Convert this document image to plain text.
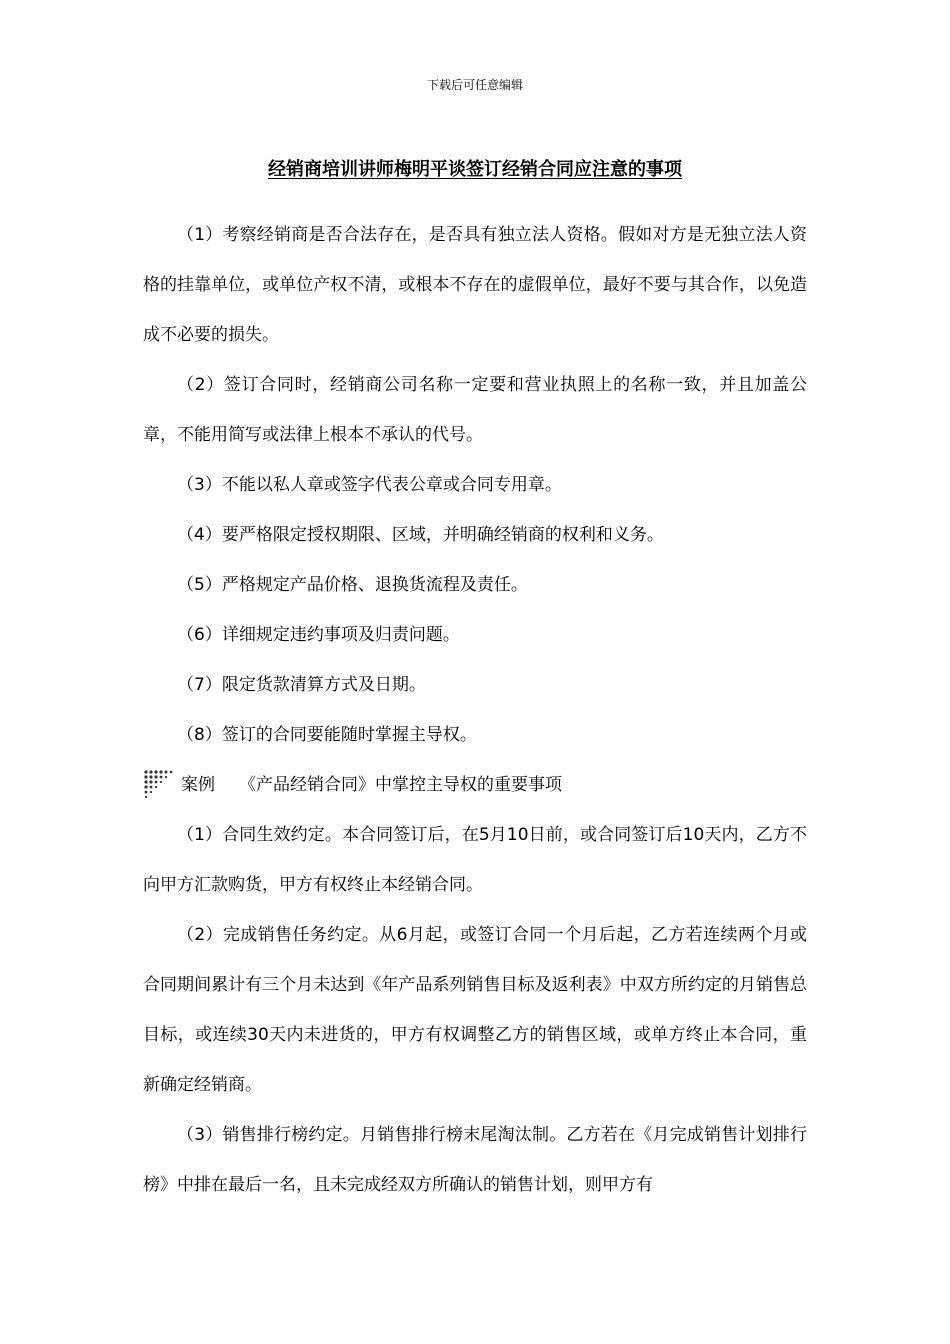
下载后可任意编辑
经销商培训讲师梅明平谈签订经销合同应注意的事项

（1）考察经销商是否合法存在，是否具有独立法人资格。假如对方是无独立法人资格的挂靠单位，或单位产权不清，或根本不存在的虚假单位，最好不要与其合作，以免造成不必要的损失。

（2）签订合同时，经销商公司名称一定要和营业执照上的名称一致，并且加盖公章，不能用简写或法律上根本不承认的代号。

（3）不能以私人章或签字代表公章或合同专用章。

（4）要严格限定授权期限、区域，并明确经销商的权利和义务。

（5）严格规定产品价格、退换货流程及责任。

（6）详细规定违约事项及归责问题。

（7）限定货款清算方式及日期。

（8）签订的合同要能随时掌握主导权。

案例 《产品经销合同》中掌控主导权的重要事项

（1）合同生效约定。本合同签订后，在5月10日前，或合同签订后10天内，乙方不向甲方汇款购货，甲方有权终止本经销合同。

（2）完成销售任务约定。从6月起，或签订合同一个月后起，乙方若连续两个月或合同期间累计有三个月未达到《年产品系列销售目标及返利表》中双方所约定的月销售总目标，或连续30天内未进货的，甲方有权调整乙方的销售区域，或单方终止本合同，重新确定经销商。

（3）销售排行榜约定。月销售排行榜末尾淘汰制。乙方若在《月完成销售计划排行榜》中排在最后一名，且未完成经双方所确认的销售计划，则甲方有
